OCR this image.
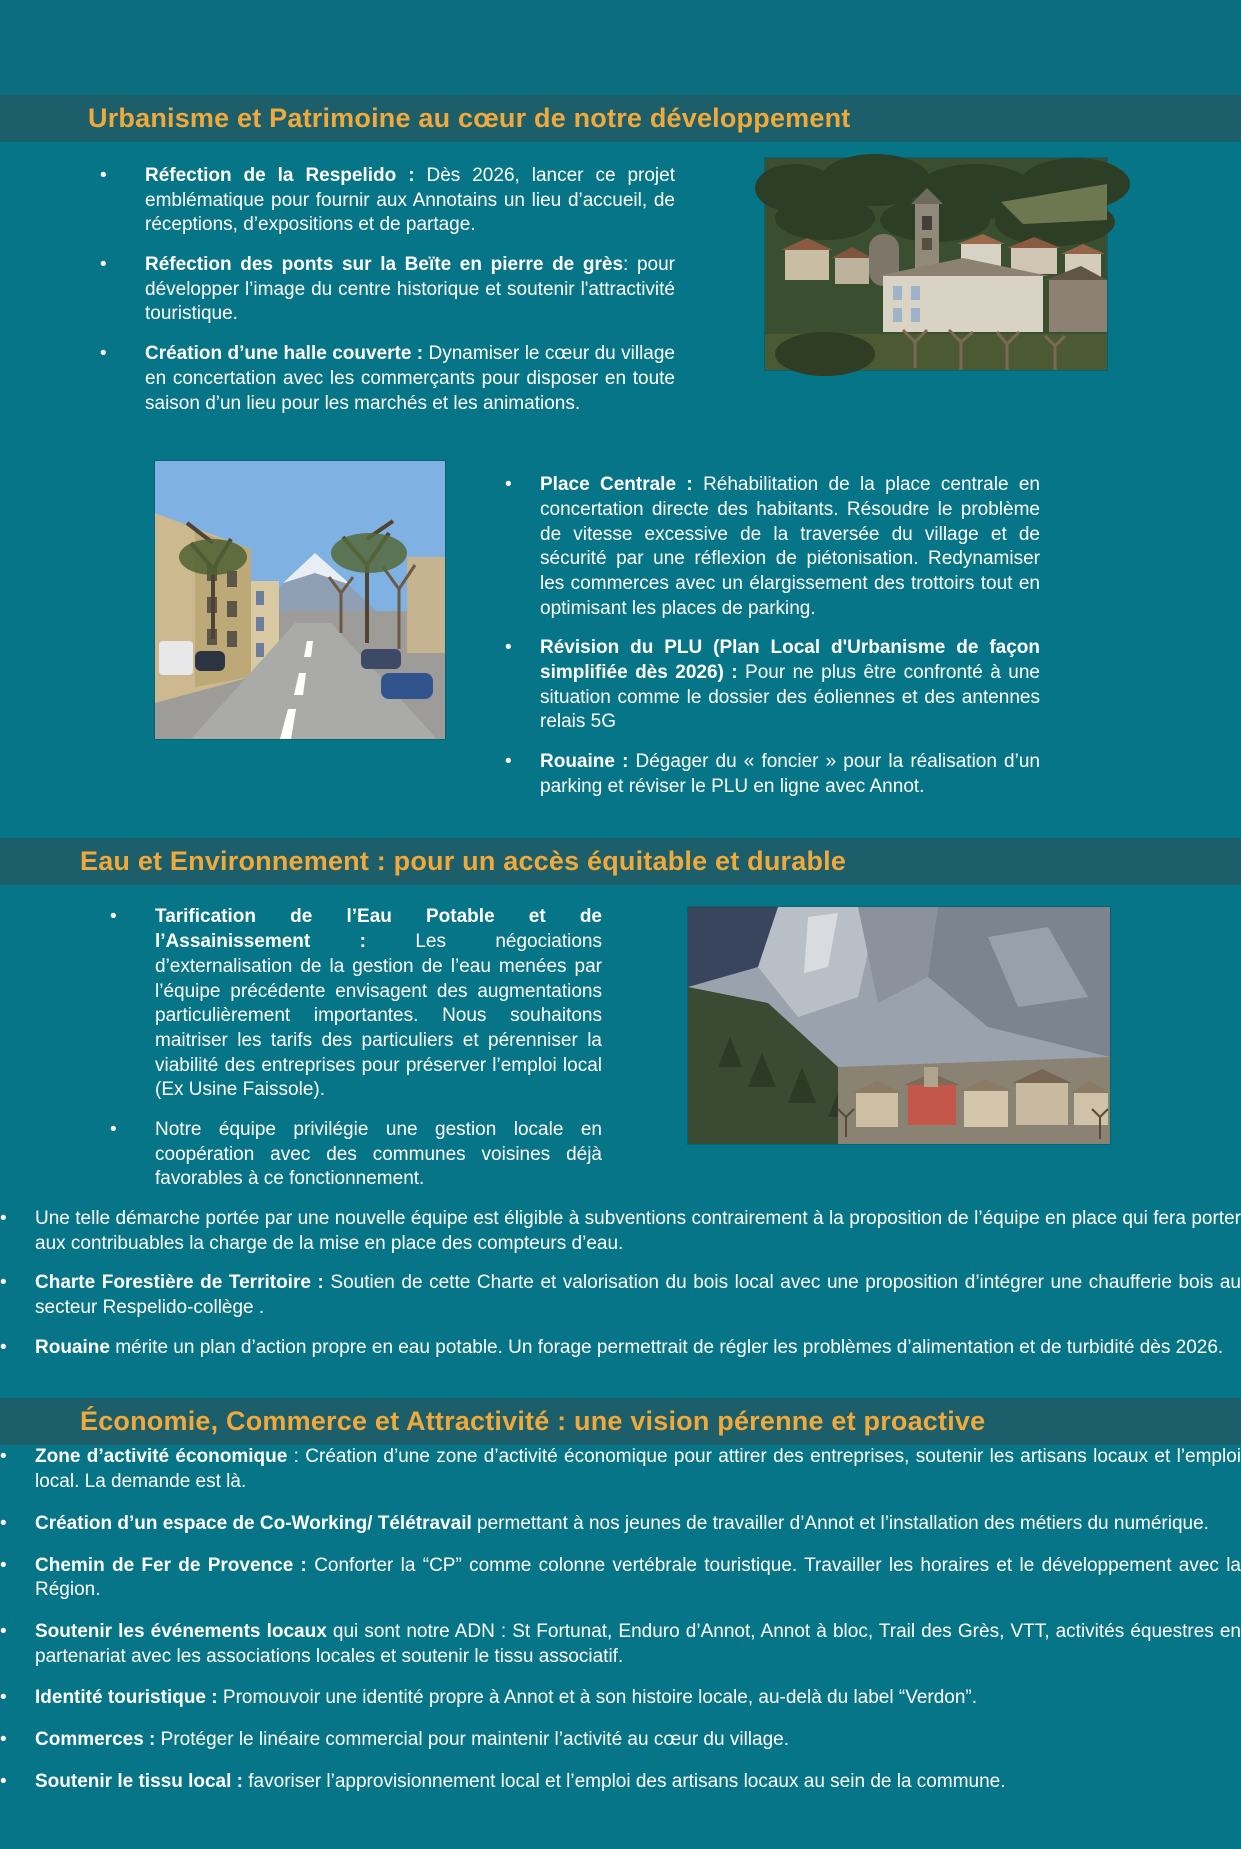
Urbanisme et Patrimoine au cœur de notre développement
•	Réfection de la Respelido : Dès 2026, lancer ce projet emblématique pour fournir aux Annotains un lieu d’accueil, de réceptions, d’expositions et de partage.

•	Réfection des ponts sur la Beïte en pierre de grès: pour développer l’image du centre historique et soutenir l'attractivité touristique.

•	Création d’une halle couverte : Dynamiser le cœur du village en concertation avec les commerçants pour disposer en toute saison d’un lieu pour les marchés et les animations.

•	Place Centrale : Réhabilitation de la place centrale en concertation directe des habitants. Résoudre le problème de vitesse excessive de la traversée du village et de sécurité par une réflexion de piétonisation. Redynamiser les commerces avec un élargissement des trottoirs tout en optimisant les places de parking.

•	Révision du PLU (Plan Local d'Urbanisme de façon simplifiée dès 2026) : Pour ne plus être confronté à une situation comme le dossier des éoliennes et des antennes relais 5G

•	Rouaine : Dégager du « foncier » pour la réalisation d’un parking et réviser le PLU en ligne avec Annot.

Eau et Environnement : pour un accès équitable et durable
•	Tarification de l’Eau Potable et de l’Assainissement : Les négociations d’externalisation de la gestion de l’eau menées par l’équipe précédente envisagent des augmentations particulièrement importantes. Nous souhaitons maitriser les tarifs des particuliers et pérenniser la viabilité des entreprises pour préserver l’emploi local (Ex Usine Faissole).

•	Notre équipe privilégie une gestion locale en coopération avec des communes voisines déjà favorables à ce fonctionnement.

•	Une telle démarche portée par une nouvelle équipe est éligible à subventions contrairement à la proposition de l’équipe en place qui fera porter aux contribuables la charge de la mise en place des compteurs d’eau.

•	Charte Forestière de Territoire : Soutien de cette Charte et valorisation du bois local avec une proposition d’intégrer une chaufferie bois au secteur Respelido-collège .

•	Rouaine mérite un plan d’action propre en eau potable. Un forage permettrait de régler les problèmes d’alimentation et de turbidité dès 2026.

Économie, Commerce et Attractivité : une vision pérenne et proactive
•	Zone d’activité économique : Création d’une zone d’activité économique pour attirer des entreprises, soutenir les artisans locaux et l’emploi local. La demande est là.

•	Création d’un espace de Co-Working/ Télétravail permettant à nos jeunes de travailler d’Annot et l’installation des métiers du numérique.

•	Chemin de Fer de Provence : Conforter la “CP” comme colonne vertébrale touristique. Travailler les horaires et le développement avec la Région.

•	Soutenir les événements locaux qui sont notre ADN : St Fortunat, Enduro d’Annot, Annot à bloc, Trail des Grès, VTT, activités équestres en partenariat avec les associations locales et soutenir le tissu associatif.

•	Identité touristique : Promouvoir une identité propre à Annot et à son histoire locale, au-delà du label “Verdon”.

•	Commerces : Protéger le linéaire commercial pour maintenir l’activité au cœur du village.

•	Soutenir le tissu local : favoriser l’approvisionnement local et l’emploi des artisans locaux au sein de la commune.
